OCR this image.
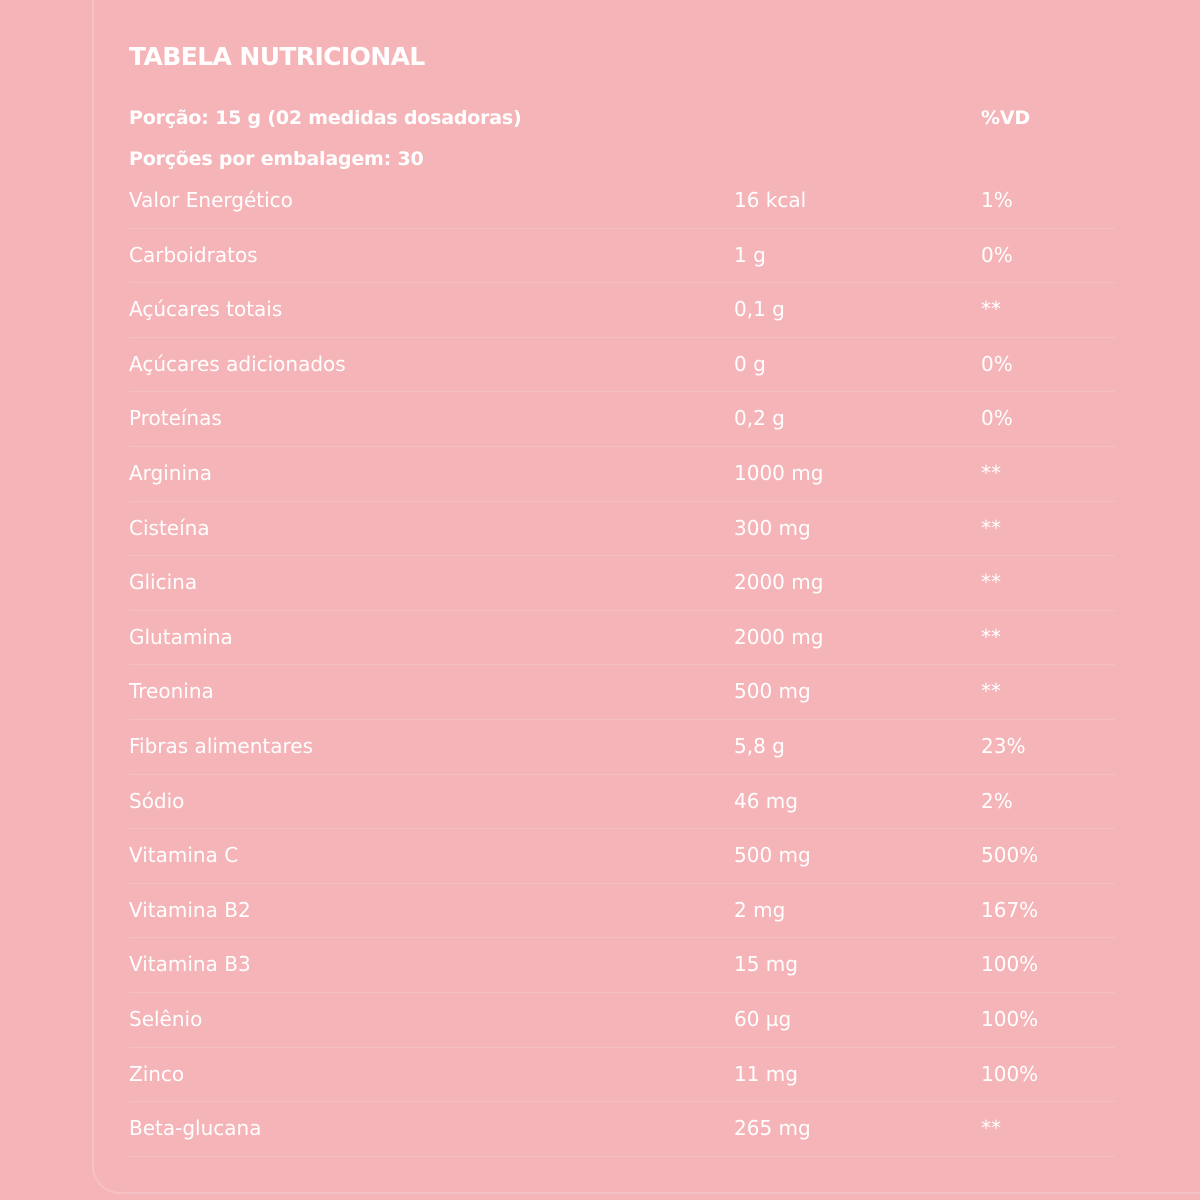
TABELA NUTRICIONAL
Porção: 15 g (02 medidas dosadoras)	%VD
Porções por embalagem: 30
Valor Energético	16 kcal	1%
Carboidratos	1 g	0%
Açúcares totais	0,1 g	**
Açúcares adicionados	0 g	0%
Proteínas	0,2 g	0%
Arginina	1000 mg	**
Cisteína	300 mg	**
Glicina	2000 mg	**
Glutamina	2000 mg	**
Treonina	500 mg	**
Fibras alimentares	5,8 g	23%
Sódio	46 mg	2%
Vitamina C	500 mg	500%
Vitamina B2	2 mg	167%
Vitamina B3	15 mg	100%
Selênio	60 µg	100%
Zinco	11 mg	100%
Beta-glucana	265 mg	**
